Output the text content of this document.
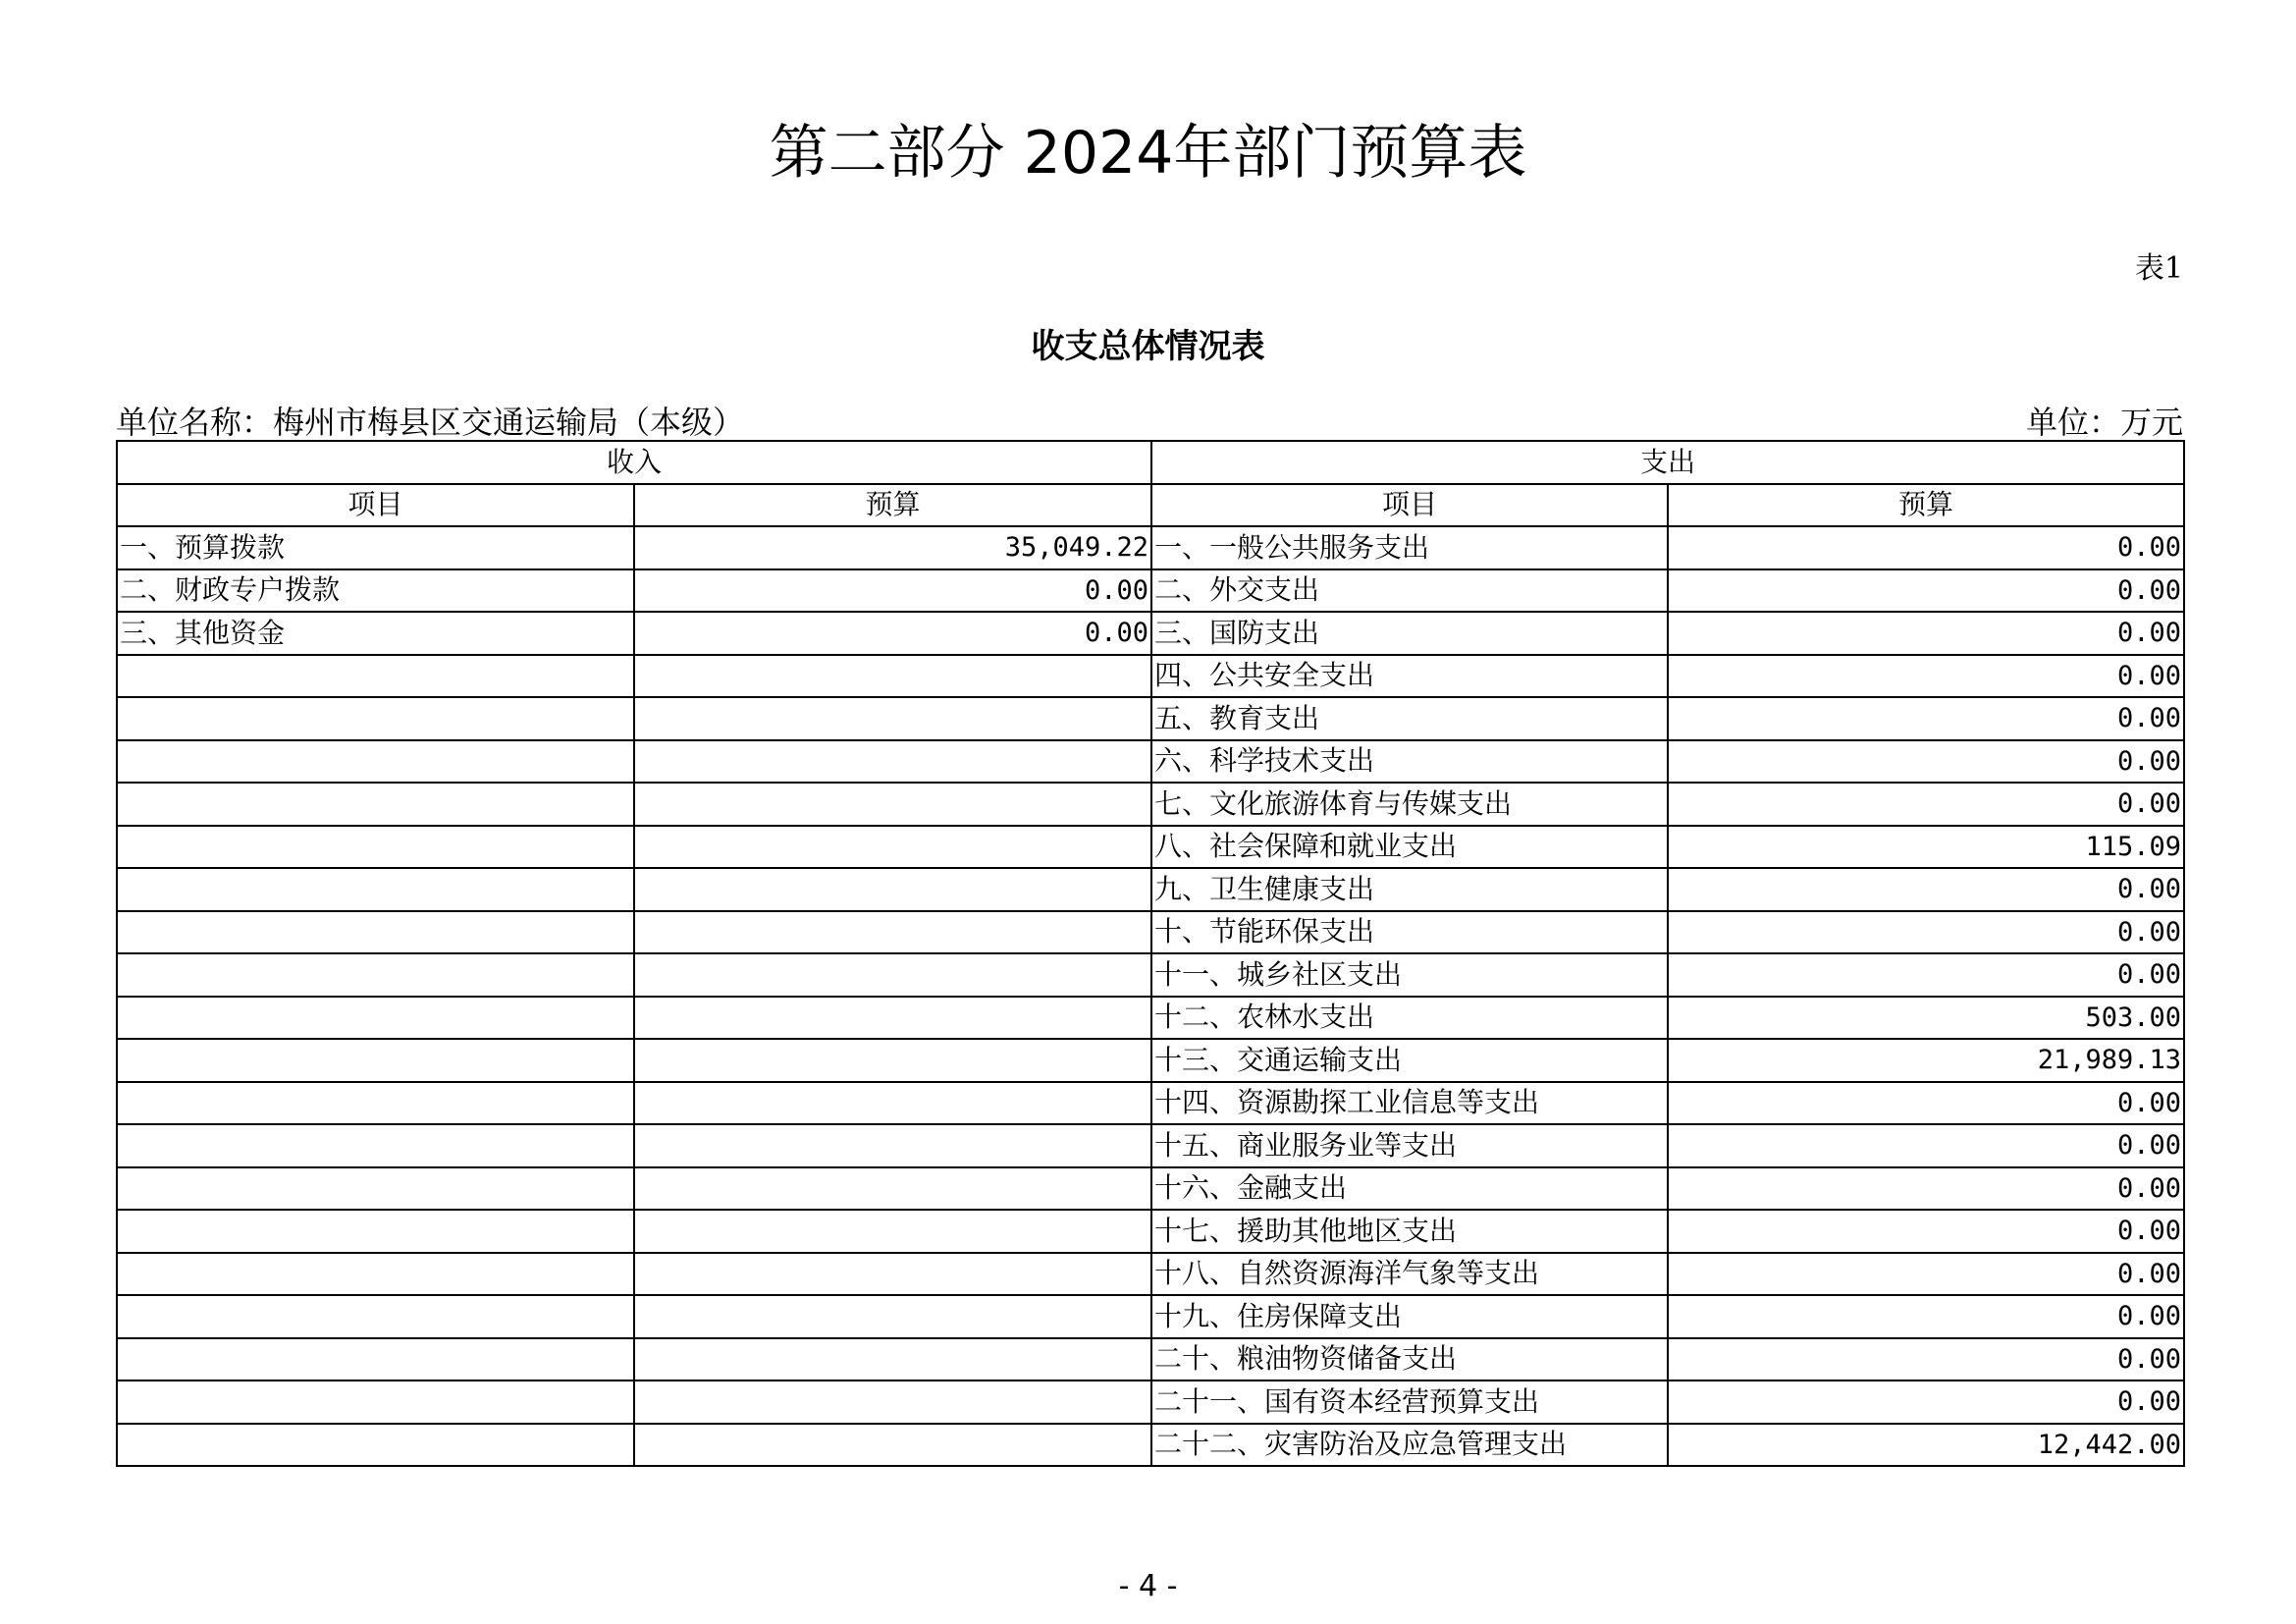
第二部分 2024年部门预算表
表1
收支总体情况表
单位名称：梅州市梅县区交通运输局（本级）	单位：万元
收入		支出	
项目	预算	项目	预算
一、预算拨款	35,049.22	一、一般公共服务支出	0.00
二、财政专户拨款	0.00	二、外交支出	0.00
三、其他资金	0.00	三、国防支出	0.00
		四、公共安全支出	0.00
		五、教育支出	0.00
		六、科学技术支出	0.00
		七、文化旅游体育与传媒支出	0.00
		八、社会保障和就业支出	115.09
		九、卫生健康支出	0.00
		十、节能环保支出	0.00
		十一、城乡社区支出	0.00
		十二、农林水支出	503.00
		十三、交通运输支出	21,989.13
		十四、资源勘探工业信息等支出	0.00
		十五、商业服务业等支出	0.00
		十六、金融支出	0.00
		十七、援助其他地区支出	0.00
		十八、自然资源海洋气象等支出	0.00
		十九、住房保障支出	0.00
		二十、粮油物资储备支出	0.00
		二十一、国有资本经营预算支出	0.00
		二十二、灾害防治及应急管理支出	12,442.00
- 4 -
